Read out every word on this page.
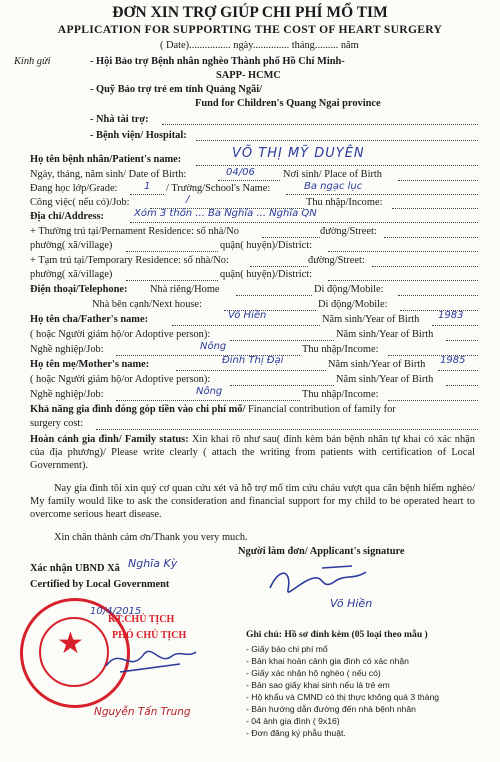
ĐƠN XIN TRỢ GIÚP CHI PHÍ MỔ TIM
APPLICATION FOR SUPPORTING THE COST OF HEART SURGERY
( Date)................ ngày.............. tháng......... năm
Kính gửi	- Hội Bảo trợ Bệnh nhân nghèo Thành phố Hồ Chí Minh-
SAPP- HCMC
- Quỹ Bảo trợ trẻ em tỉnh Quảng Ngãi/
Fund for Children's Quang Ngai province
- Nhà tài trợ:
- Bệnh viện/ Hospital:
Họ tên bệnh nhân/Patient's name:	VÕ THỊ MỸ DUYÊN
Ngày, tháng, năm sinh/ Date of Birth:	04/06	Nơi sinh/ Place of Birth
Đang học lớp/Grade:	1 / Trường/School's Name:	Ba ngạc lục
Công việc( nếu có)/Job:	/	Thu nhập/Income:
Địa chỉ/Address:	Xóm 3 thôn ... Ba Nghĩa ... Nghĩa QN
+ Thường trú tại/Pernament Residence: số nhà/No	đường/Street:
phường( xã/village)	quận( huyện)/District:
+ Tạm trú tại/Temporary Residence: số nhà/No:	đường/Street:
phường( xã/village)	quận( huyện)/District:
Điện thoại/Telephone: Nhà riêng/Home	Di động/Mobile:
Nhà bên cạnh/Next house:	Di động/Mobile:
Họ tên cha/Father's name:	Võ Hiền	Năm sinh/Year of Birth 1983
( hoặc Người giám hộ/or Adoptive person):	Năm sinh/Year of Birth
Nghề nghiệp/Job:	Nông	Thu nhập/Income:
Họ tên mẹ/Mother's name:	Đinh Thị Đại	Năm sinh/Year of Birth 1985
( hoặc Người giám hộ/or Adoptive person):	Năm sinh/Year of Birth
Nghề nghiệp/Job:	Nông	Thu nhập/Income:
Khả năng gia đình đóng góp tiền vào chi phí mổ/ Financial contribution of family for
surgery cost:
Hoàn cảnh gia đình/ Family status: Xin khai rõ như sau( đính kèm bản bệnh nhân tự khai có xác nhận của địa phương)/ Please write clearly ( attach the writing from patients with certification of Local Government).
Nay gia đình tôi xin quý cơ quan cứu xét và hỗ trợ mổ tim cứu cháu vượt qua căn bệnh hiểm nghèo/ My family would like to ask the consideration and financial support for my child to be operated heart to overcome serious heart disease.
Xin chân thành cảm ơn/Thank you very much.
Người làm đơn/ Applicant's signature
Xác nhận UBND Xã Nghĩa Kỳ
Certified by Local Government
Võ Hiền
★
KT.CHỦ TỊCH
PHÓ CHỦ TỊCH
10/4/2015
Nguyễn Tấn Trung
Ghi chú: Hồ sơ đính kèm (05 loại theo mẫu )
- Giấy báo chi phí mổ
- Bản khai hoàn cảnh gia đình có xác nhận
- Giấy xác nhận hộ nghèo ( nếu có)
- Bản sao giấy khai sinh nếu là trẻ em
- Hộ khẩu và CMND có thị thực không quá 3 tháng
- Bản hướng dẫn đường đến nhà bệnh nhân
- 04 ảnh gia đình ( 9x16)
- Đơn đăng ký phẫu thuật.
